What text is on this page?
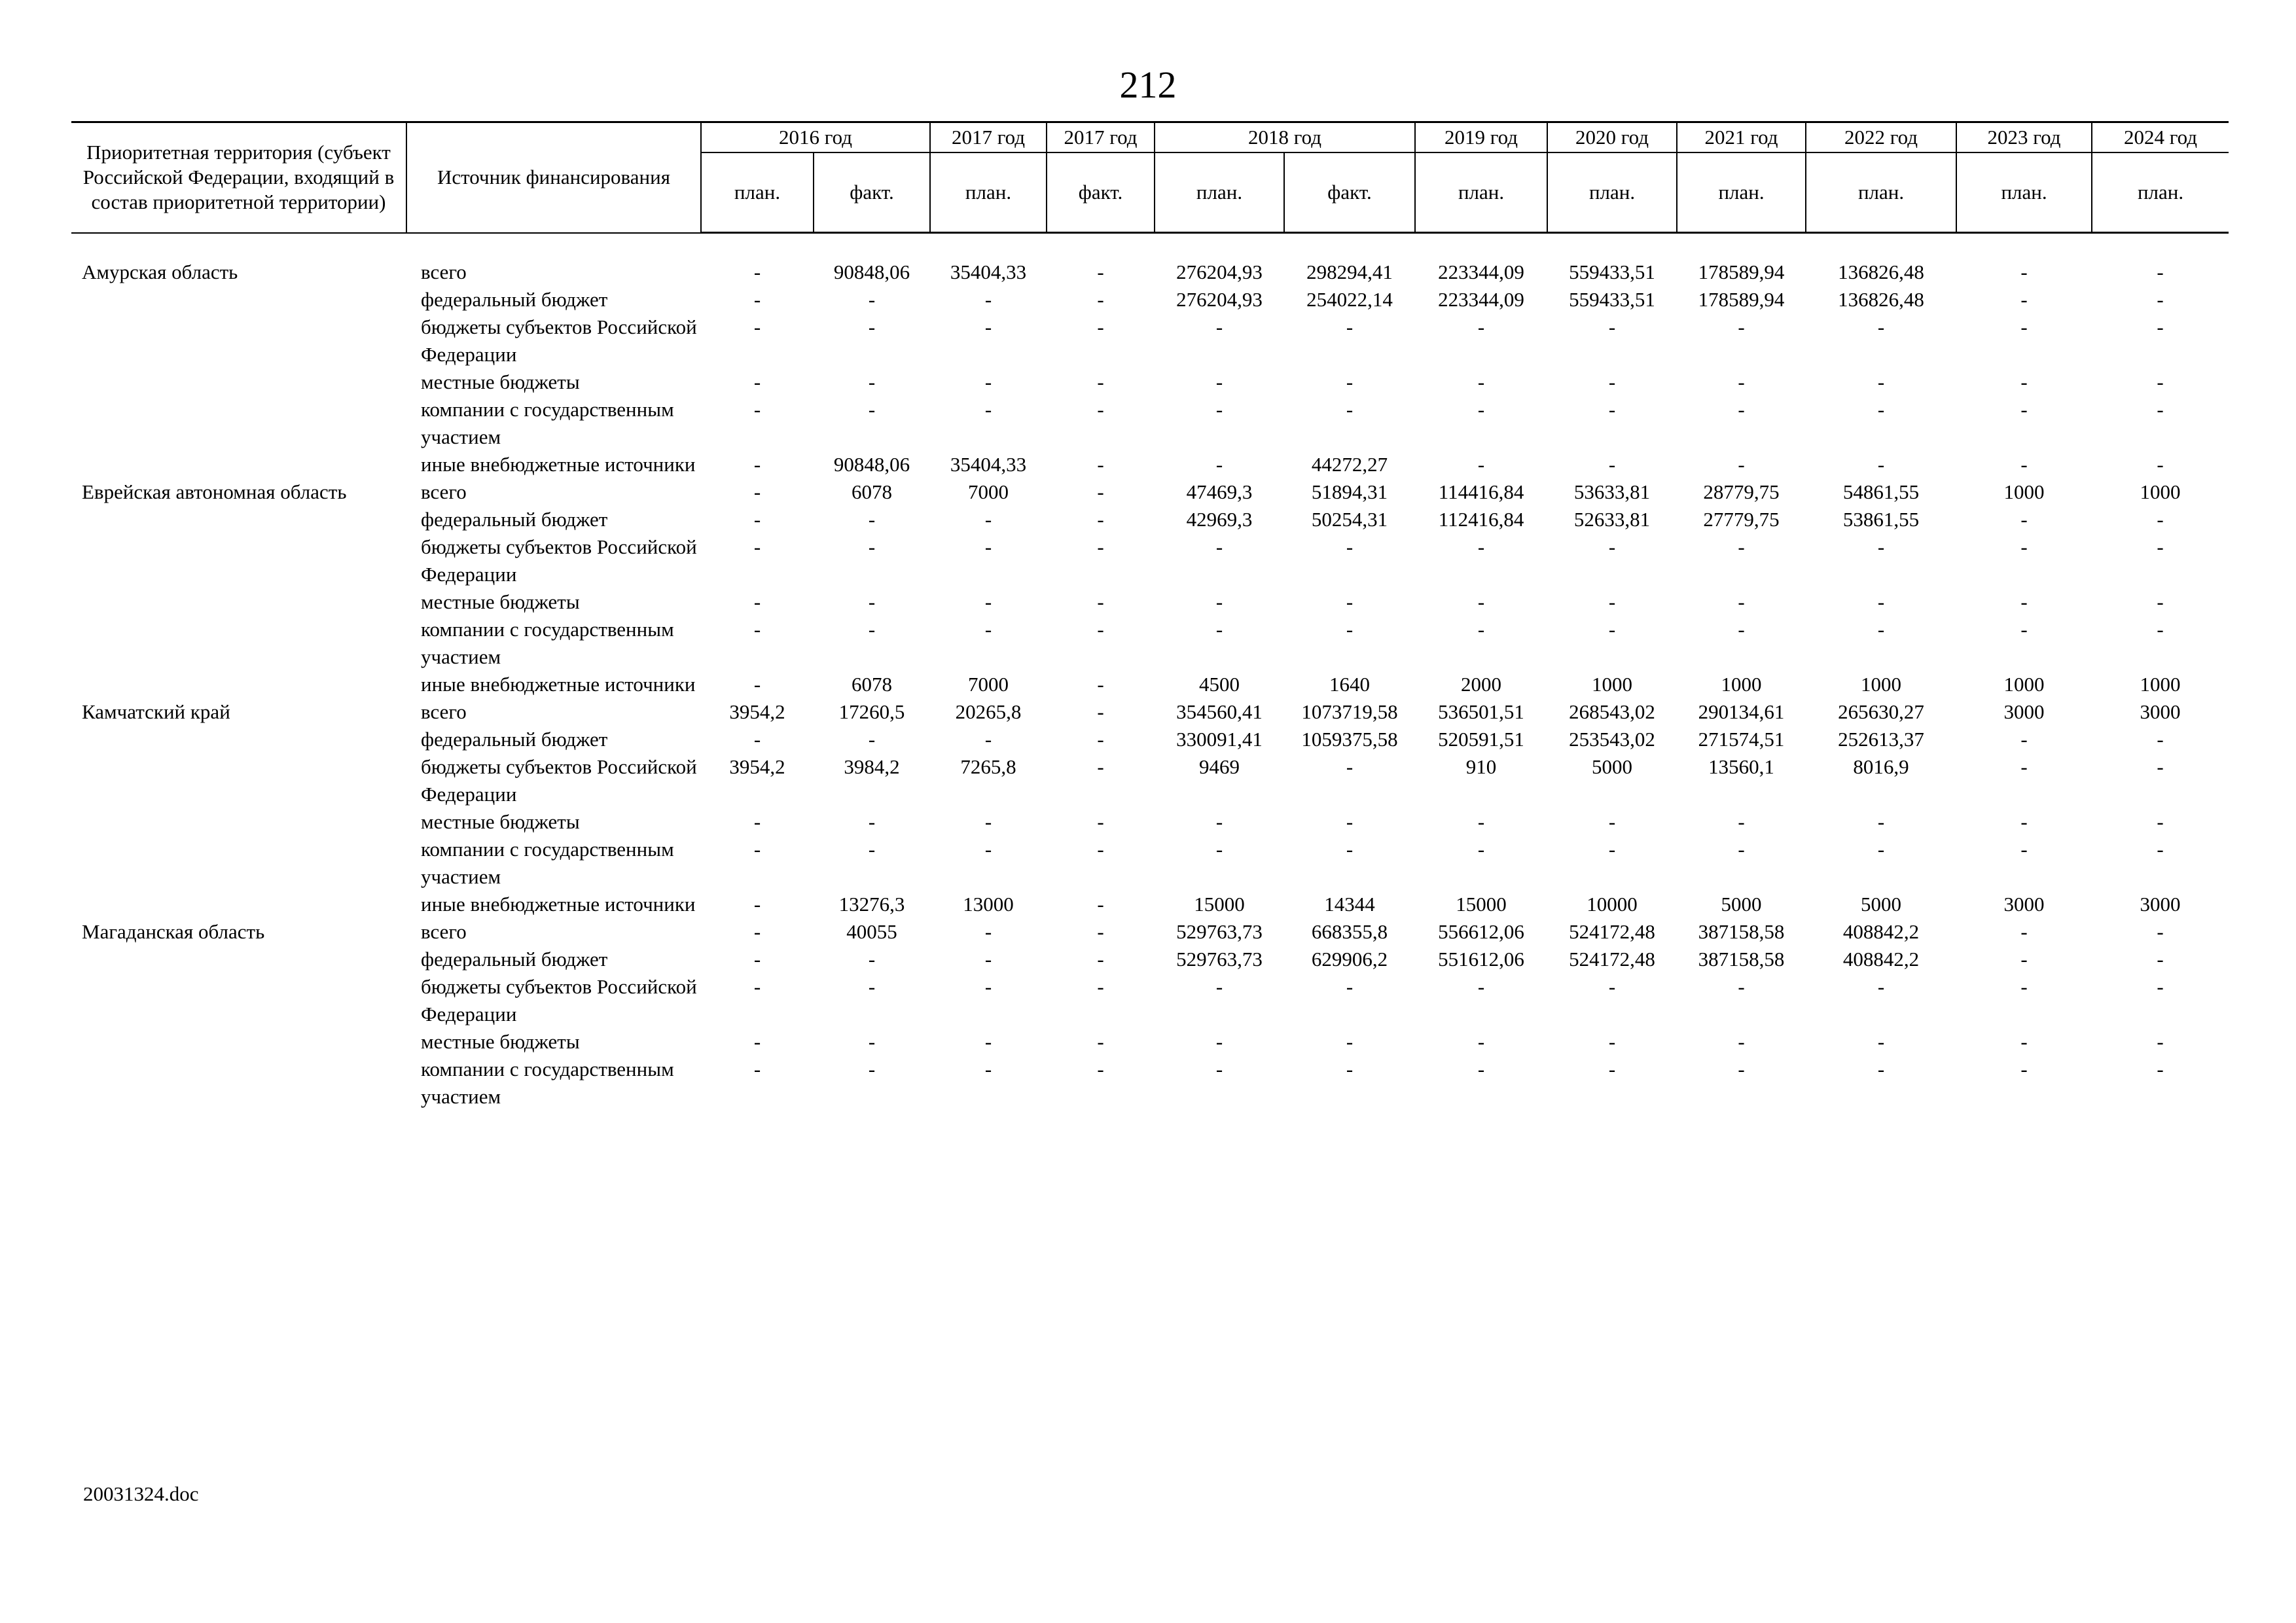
212
Приоритетная территория (субъект Российской Федерации, входящий в состав приоритетной территории)	Источник финансирования	2016 год		2017 год	2017 год	2018 год		2019 год	2020 год	2021 год	2022 год	2023 год	2024 год
		план.	факт.	план.	факт.	план.	факт.	план.	план.	план.	план.	план.	план.

Амурская область	всего	-	90848,06	35404,33	-	276204,93	298294,41	223344,09	559433,51	178589,94	136826,48	-	-
	федеральный бюджет	-	-	-	-	276204,93	254022,14	223344,09	559433,51	178589,94	136826,48	-	-
	бюджеты субъектов Российской Федерации	-	-	-	-	-	-	-	-	-	-	-	-
	местные бюджеты	-	-	-	-	-	-	-	-	-	-	-	-
	компании с государственным участием	-	-	-	-	-	-	-	-	-	-	-	-
	иные внебюджетные источники	-	90848,06	35404,33	-	-	44272,27	-	-	-	-	-	-
Еврейская автономная область	всего	-	6078	7000	-	47469,3	51894,31	114416,84	53633,81	28779,75	54861,55	1000	1000
	федеральный бюджет	-	-	-	-	42969,3	50254,31	112416,84	52633,81	27779,75	53861,55	-	-
	бюджеты субъектов Российской Федерации	-	-	-	-	-	-	-	-	-	-	-	-
	местные бюджеты	-	-	-	-	-	-	-	-	-	-	-	-
	компании с государственным участием	-	-	-	-	-	-	-	-	-	-	-	-
	иные внебюджетные источники	-	6078	7000	-	4500	1640	2000	1000	1000	1000	1000	1000
Камчатский край	всего	3954,2	17260,5	20265,8	-	354560,41	1073719,58	536501,51	268543,02	290134,61	265630,27	3000	3000
	федеральный бюджет	-	-	-	-	330091,41	1059375,58	520591,51	253543,02	271574,51	252613,37	-	-
	бюджеты субъектов Российской Федерации	3954,2	3984,2	7265,8	-	9469	-	910	5000	13560,1	8016,9	-	-
	местные бюджеты	-	-	-	-	-	-	-	-	-	-	-	-
	компании с государственным участием	-	-	-	-	-	-	-	-	-	-	-	-
	иные внебюджетные источники	-	13276,3	13000	-	15000	14344	15000	10000	5000	5000	3000	3000
Магаданская область	всего	-	40055	-	-	529763,73	668355,8	556612,06	524172,48	387158,58	408842,2	-	-
	федеральный бюджет	-	-	-	-	529763,73	629906,2	551612,06	524172,48	387158,58	408842,2	-	-
	бюджеты субъектов Российской Федерации	-	-	-	-	-	-	-	-	-	-	-	-
	местные бюджеты	-	-	-	-	-	-	-	-	-	-	-	-
	компании с государственным участием	-	-	-	-	-	-	-	-	-	-	-	-
20031324.doc
